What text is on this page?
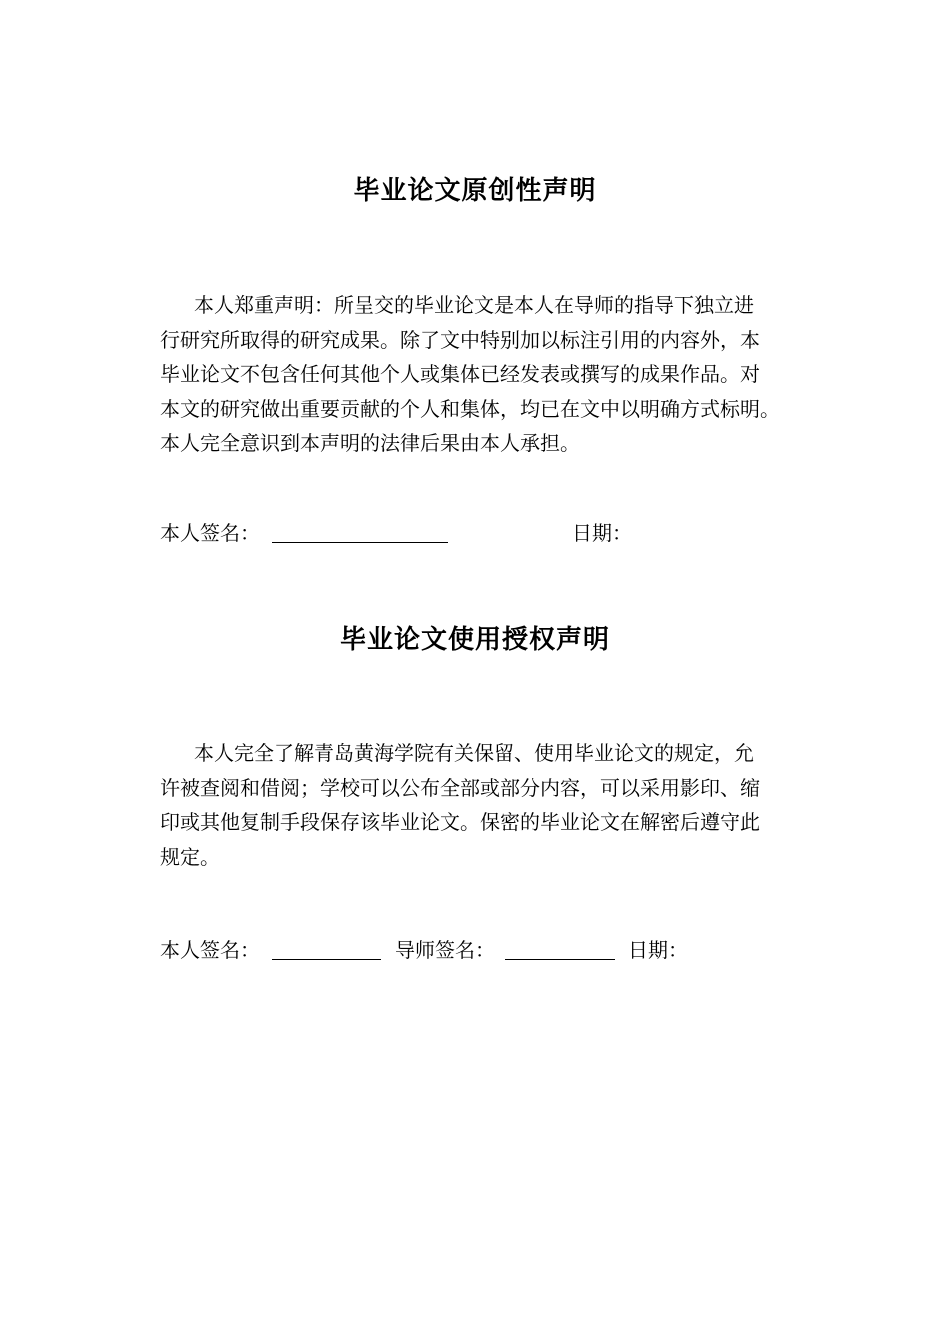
毕业论文原创性声明
本人郑重声明：所呈交的毕业论文是本人在导师的指导下独立进
行研究所取得的研究成果。除了文中特别加以标注引用的内容外，本
毕业论文不包含任何其他个人或集体已经发表或撰写的成果作品。对
本文的研究做出重要贡献的个人和集体，均已在文中以明确方式标明。
本人完全意识到本声明的法律后果由本人承担。
本人签名：	日期：
毕业论文使用授权声明
本人完全了解青岛黄海学院有关保留、使用毕业论文的规定，允
许被查阅和借阅；学校可以公布全部或部分内容，可以采用影印、缩
印或其他复制手段保存该毕业论文。保密的毕业论文在解密后遵守此
规定。
本人签名：	导师签名：	日期：
